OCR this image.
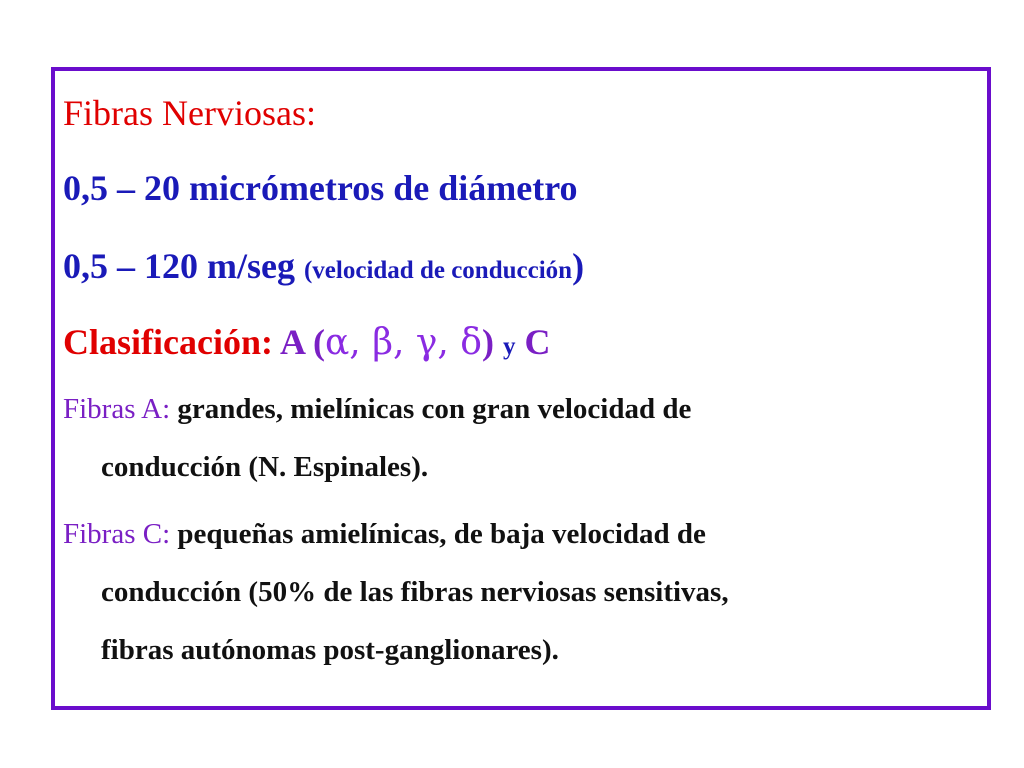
Fibras Nerviosas:
0,5 – 20 micrómetros de diámetro
0,5 – 120 m/seg (velocidad de conducción)
Clasificación: A (α, β, γ, δ) y C
Fibras A: grandes, mielínicas con gran velocidad de
conducción (N. Espinales).
Fibras C: pequeñas amielínicas, de baja velocidad de
conducción (50% de las fibras nerviosas sensitivas,
fibras autónomas post-ganglionares).
